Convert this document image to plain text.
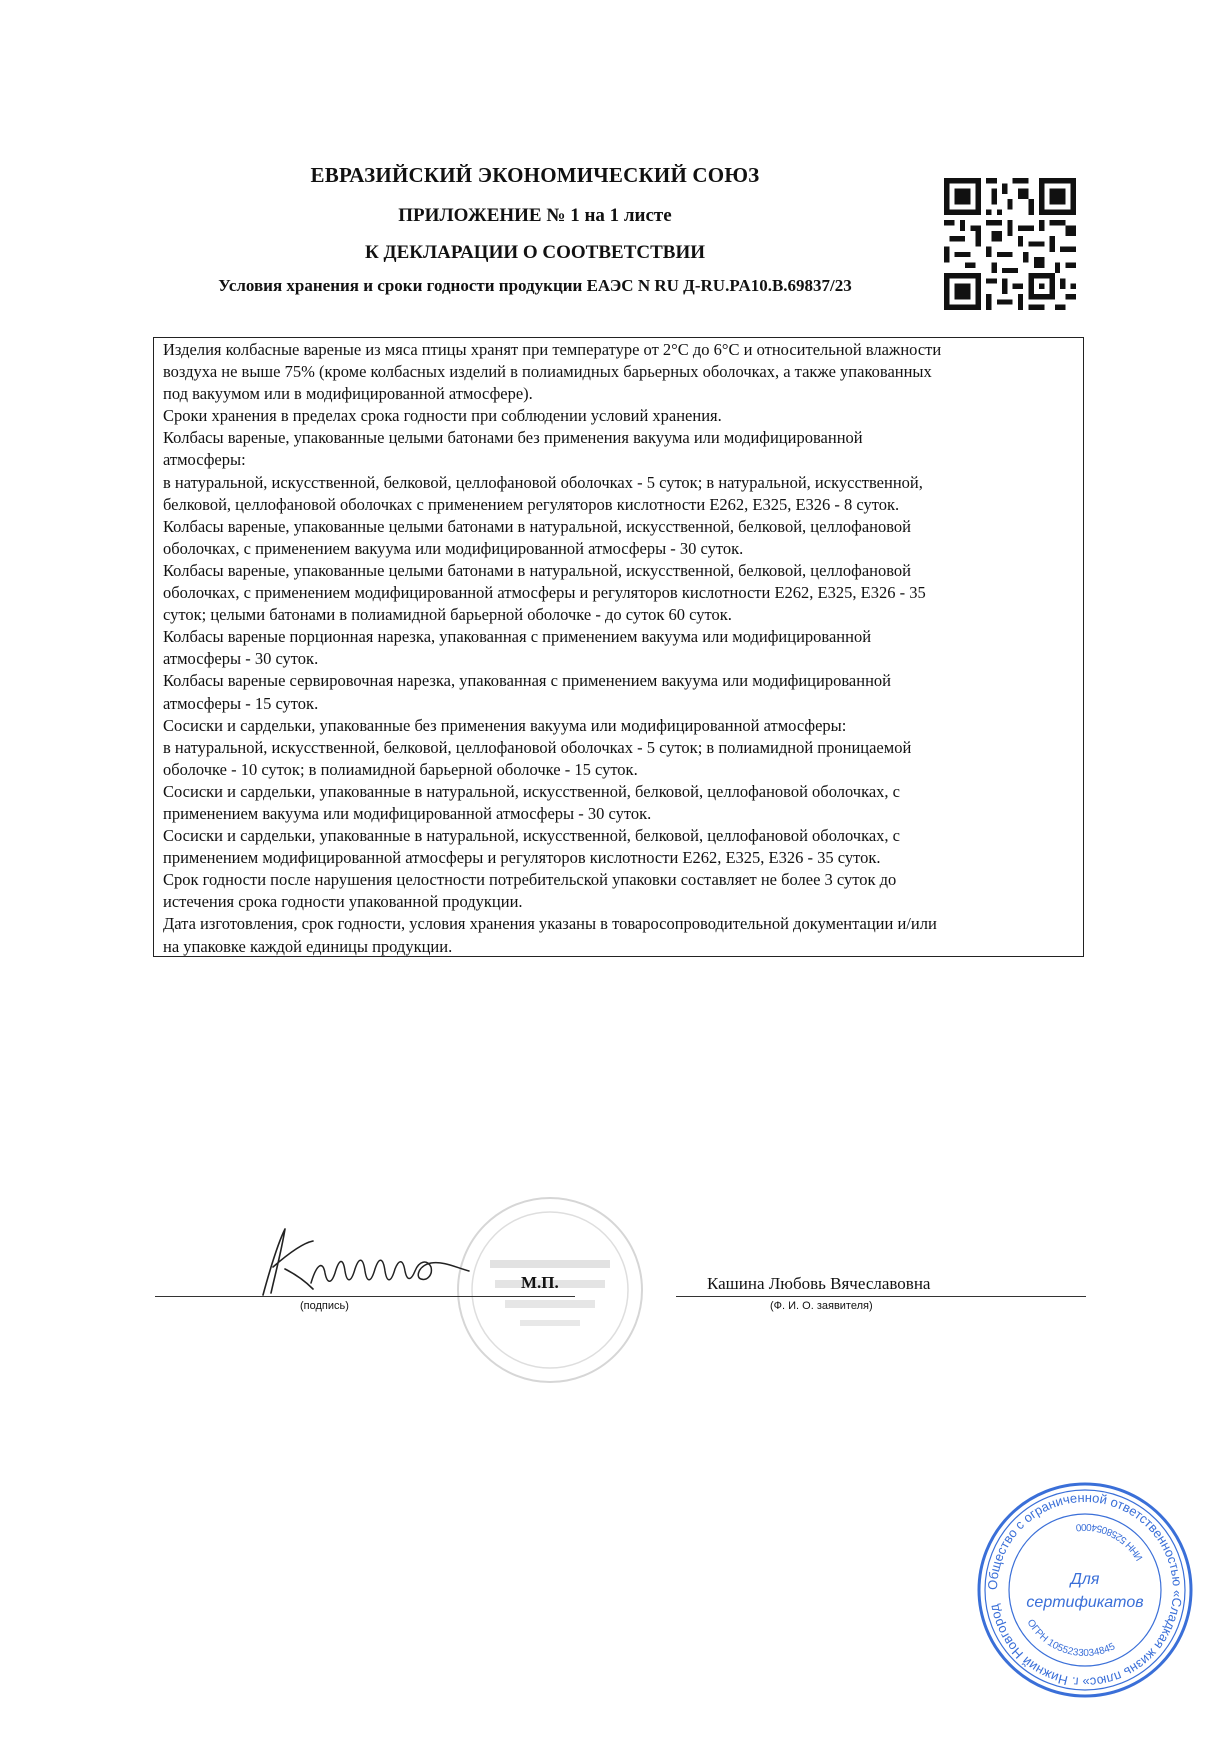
ЕВРАЗИЙСКИЙ ЭКОНОМИЧЕСКИЙ СОЮЗ
ПРИЛОЖЕНИЕ № 1 на 1 листе
К ДЕКЛАРАЦИИ О СООТВЕТСТВИИ
Условия хранения и сроки годности продукции ЕАЭС N RU Д-RU.PA10.B.69837/23

Изделия колбасные вареные из мяса птицы хранят при температуре от 2°С до 6°С и относительной влажности

воздуха не выше 75% (кроме колбасных изделий в полиамидных барьерных оболочках, а также упакованных

под вакуумом или в модифицированной атмосфере).

Сроки хранения в пределах срока годности при соблюдении условий хранения.

Колбасы вареные, упакованные целыми батонами без применения вакуума или модифицированной

атмосферы:

в натуральной, искусственной, белковой, целлофановой оболочках - 5 суток; в натуральной, искусственной,

белковой, целлофановой оболочках с применением регуляторов кислотности Е262, Е325, Е326 - 8 суток.

Колбасы вареные, упакованные целыми батонами в натуральной, искусственной, белковой, целлофановой

оболочках, с применением вакуума или модифицированной атмосферы - 30 суток.

Колбасы вареные, упакованные целыми батонами в натуральной, искусственной, белковой, целлофановой

оболочках, с применением модифицированной атмосферы и регуляторов кислотности Е262, Е325, Е326 - 35

суток; целыми батонами в полиамидной барьерной оболочке - до суток 60 суток.

Колбасы вареные порционная нарезка, упакованная с применением вакуума или модифицированной

атмосферы - 30 суток.

Колбасы вареные сервировочная нарезка, упакованная с применением вакуума или модифицированной

атмосферы - 15 суток.

Сосиски и сардельки, упакованные без применения вакуума или модифицированной атмосферы:

в натуральной, искусственной, белковой, целлофановой оболочках - 5 суток; в полиамидной проницаемой

оболочке - 10 суток; в полиамидной барьерной оболочке - 15 суток.

Сосиски и сардельки, упакованные в натуральной, искусственной, белковой, целлофановой оболочках, с

применением вакуума или модифицированной атмосферы - 30 суток.

Сосиски и сардельки, упакованные в натуральной, искусственной, белковой, целлофановой оболочках, с

применением модифицированной атмосферы и регуляторов кислотности Е262, Е325, Е326 - 35 суток.

Срок годности после нарушения целостности потребительской упаковки составляет не более 3 суток до

истечения срока годности упакованной продукции.

Дата изготовления, срок годности, условия хранения указаны в товаросопроводительной документации и/или

на упаковке каждой единицы продукции.

М.П.	Кашина Любовь Вячеславовна
(подпись)	(Ф. И. О. заявителя)
Общество с ограниченной ответственностью «Сладкая жизнь плюс» г. Нижний Новгород
ОГРН 1055233034845
ИНН 5258054000
Для
сертификатов
